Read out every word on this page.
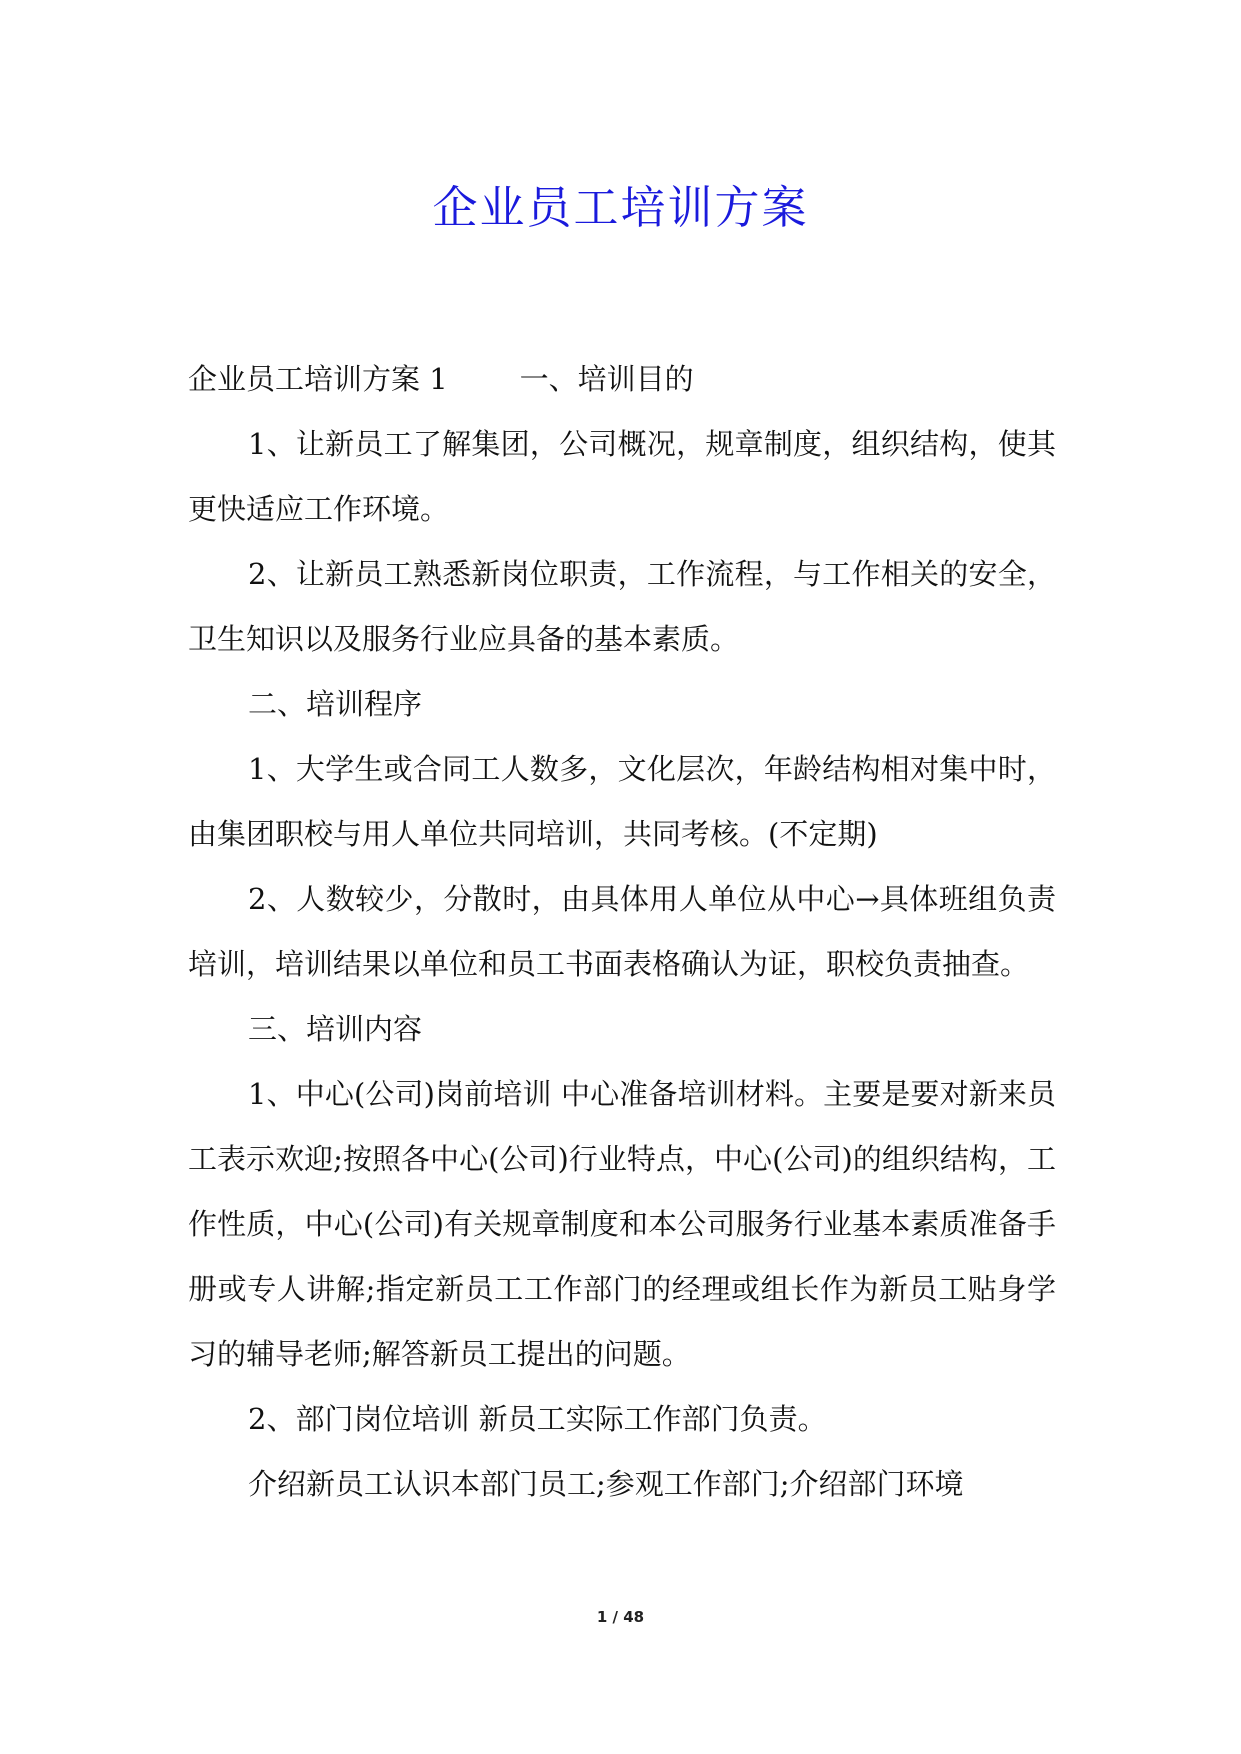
企业员工培训方案

企业员工培训方案 1 一、培训目的

1、让新员工了解集团，公司概况，规章制度，组织结构，使其更快适应工作环境。

2、让新员工熟悉新岗位职责，工作流程，与工作相关的安全，卫生知识以及服务行业应具备的基本素质。

二、培训程序

1、大学生或合同工人数多，文化层次，年龄结构相对集中时，由集团职校与用人单位共同培训，共同考核。(不定期)

2、人数较少，分散时，由具体用人单位从中心→具体班组负责培训，培训结果以单位和员工书面表格确认为证，职校负责抽查。

三、培训内容

1、中心(公司)岗前培训 中心准备培训材料。主要是要对新来员工表示欢迎;按照各中心(公司)行业特点，中心(公司)的组织结构，工作性质，中心(公司)有关规章制度和本公司服务行业基本素质准备手册或专人讲解;指定新员工工作部门的经理或组长作为新员工贴身学习的辅导老师;解答新员工提出的问题。

2、部门岗位培训 新员工实际工作部门负责。

介绍新员工认识本部门员工;参观工作部门;介绍部门环境

1 / 48
